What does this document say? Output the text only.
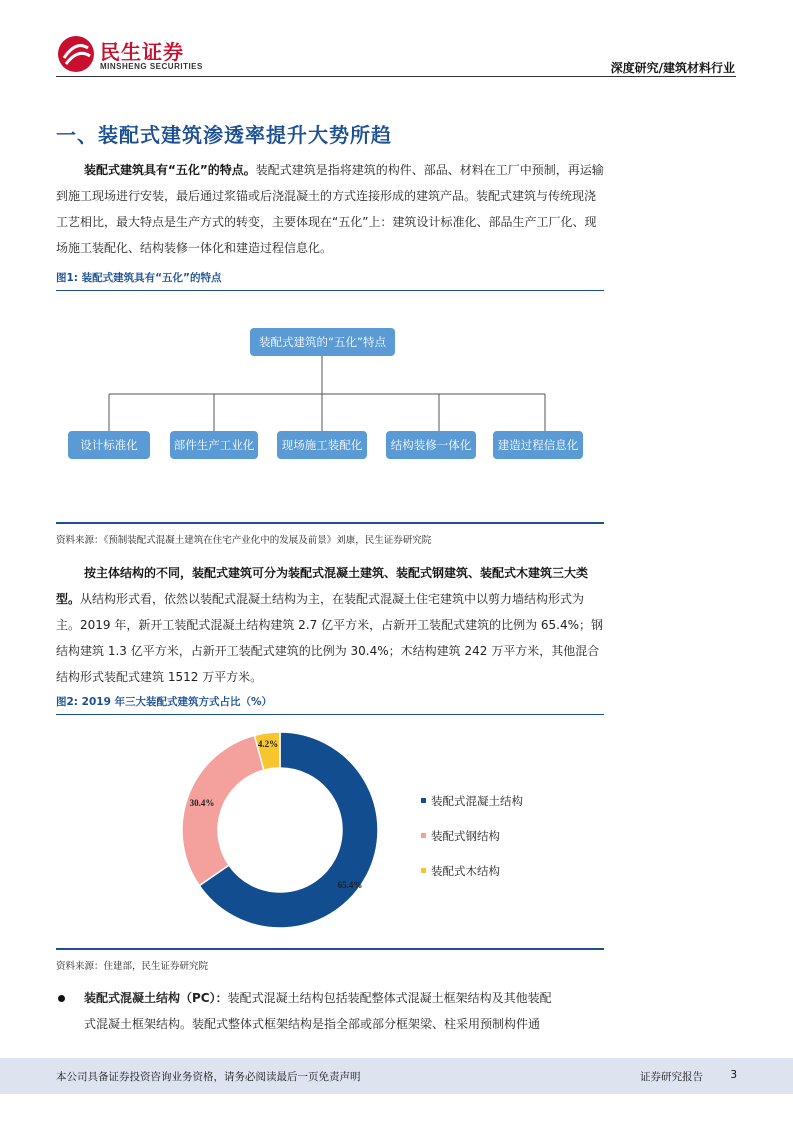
民生证券
MINSHENG SECURITIES	深度研究/建筑材料行业
一、装配式建筑渗透率提升大势所趋
装配式建筑具有“五化”的特点。装配式建筑是指将建筑的构件、部品、材料在工厂中预制，再运输到施工现场进行安装，最后通过浆锚或后浇混凝土的方式连接形成的建筑产品。装配式建筑与传统现浇工艺相比，最大特点是生产方式的转变，主要体现在“五化”上：建筑设计标准化、部品生产工厂化、现场施工装配化、结构装修一体化和建造过程信息化。
图1: 装配式建筑具有“五化”的特点
装配式建筑的“五化”特点
设计标准化	部件生产工业化	现场施工装配化	结构装修一体化	建造过程信息化
资料来源：《预制装配式混凝土建筑在住宅产业化中的发展及前景》刘康，民生证券研究院
按主体结构的不同，装配式建筑可分为装配式混凝土建筑、装配式钢建筑、装配式木建筑三大类型。从结构形式看，依然以装配式混凝土结构为主，在装配式混凝土住宅建筑中以剪力墙结构形式为主。2019 年，新开工装配式混凝土结构建筑 2.7 亿平方米，占新开工装配式建筑的比例为 65.4%；钢结构建筑 1.3 亿平方米，占新开工装配式建筑的比例为 30.4%；木结构建筑 242 万平方米，其他混合结构形式装配式建筑 1512 万平方米。
图2: 2019 年三大装配式建筑方式占比（%）
65.4%
30.4%
4.2%
装配式混凝土结构
装配式钢结构
装配式木结构
资料来源：住建部，民生证券研究院
装配式混凝土结构（PC）：装配式混凝土结构包括装配整体式混凝土框架结构及其他装配
式混凝土框架结构。装配式整体式框架结构是指全部或部分框架梁、柱采用预制构件通
本公司具备证券投资咨询业务资格，请务必阅读最后一页免责声明	证券研究报告	3
